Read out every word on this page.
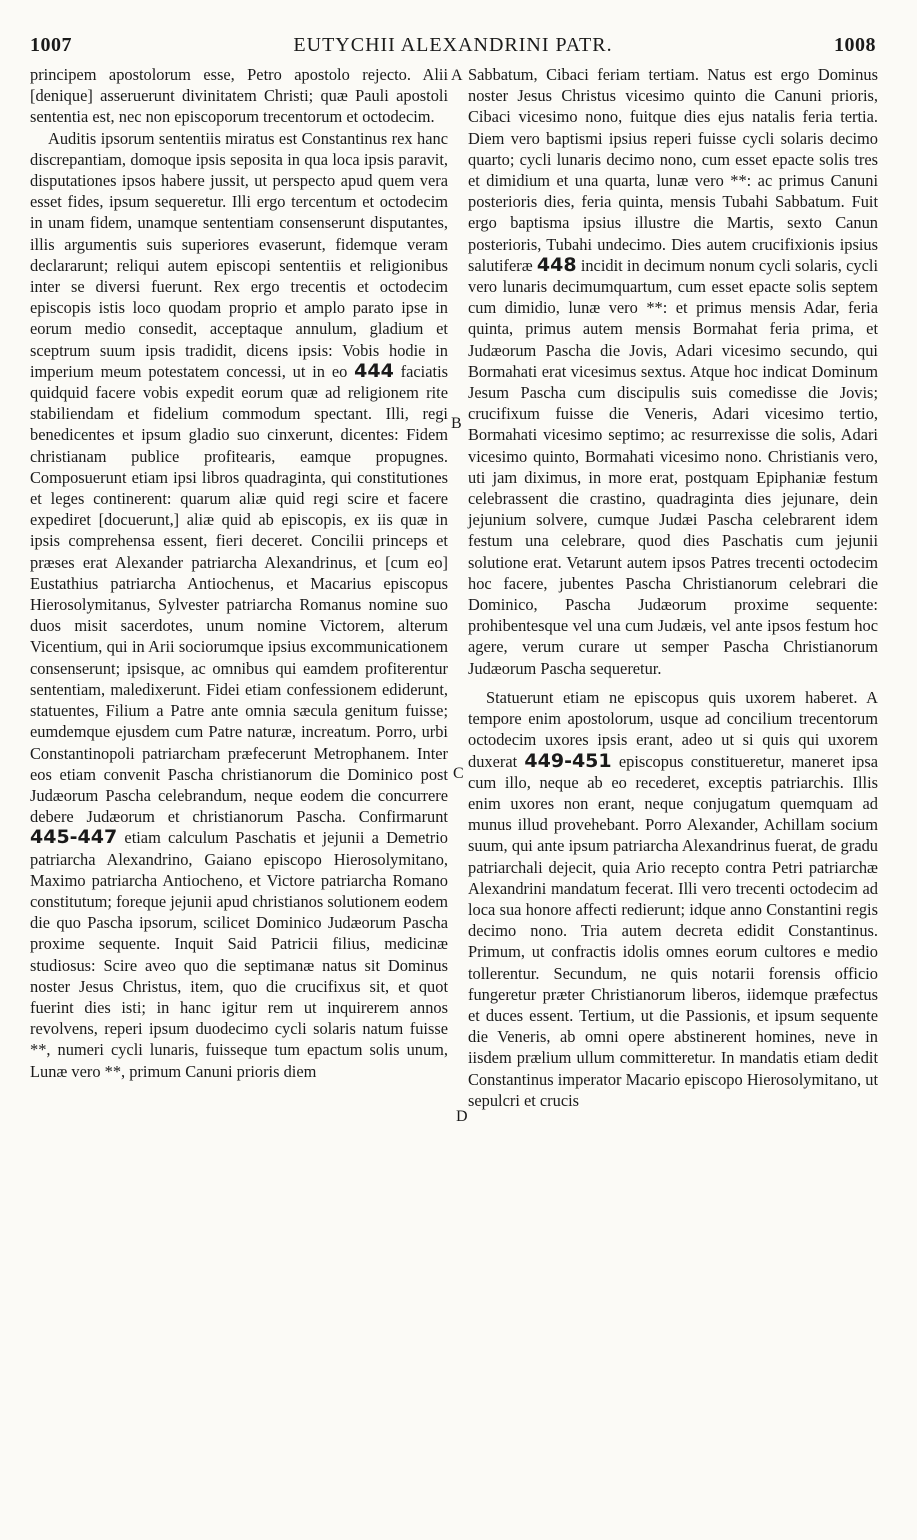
1007	EUTYCHII ALEXANDRINI PATR.	1008
A
B
C
D

principem apostolorum esse, Petro apostolo rejecto. Alii [denique] asseruerunt divinitatem Christi; quæ Pauli apostoli sententia est, nec non episcoporum trecentorum et octodecim.

Auditis ipsorum sententiis miratus est Constantinus rex hanc discrepantiam, domoque ipsis seposita in qua loca ipsis paravit, disputationes ipsos habere jussit, ut perspecto apud quem vera esset fides, ipsum sequeretur. Illi ergo tercentum et octodecim in unam fidem, unamque sententiam consenserunt disputantes, illis argumentis suis superiores evaserunt, fidemque veram declararunt; reliqui autem episcopi sententiis et religionibus inter se diversi fuerunt. Rex ergo trecentis et octodecim episcopis istis loco quodam proprio et amplo parato ipse in eorum medio consedit, acceptaque annulum, gladium et sceptrum suum ipsis tradidit, dicens ipsis: Vobis hodie in imperium meum potestatem concessi, ut in eo 444 faciatis quidquid facere vobis expedit eorum quæ ad religionem rite stabiliendam et fidelium commodum spectant. Illi, regi benedicentes et ipsum gladio suo cinxerunt, dicentes: Fidem christianam publice profitearis, eamque propugnes. Composuerunt etiam ipsi libros quadraginta, qui constitutiones et leges continerent: quarum aliæ quid regi scire et facere expediret [docuerunt,] aliæ quid ab episcopis, ex iis quæ in ipsis comprehensa essent, fieri deceret. Concilii princeps et præses erat Alexander patriarcha Alexandrinus, et [cum eo] Eustathius patriarcha Antiochenus, et Macarius episcopus Hierosolymitanus, Sylvester patriarcha Romanus nomine suo duos misit sacerdotes, unum nomine Victorem, alterum Vicentium, qui in Arii sociorumque ipsius excommunicationem consenserunt; ipsisque, ac omnibus qui eamdem profiterentur sententiam, maledixerunt. Fidei etiam confessionem ediderunt, statuentes, Filium a Patre ante omnia sæcula genitum fuisse; eumdemque ejusdem cum Patre naturæ, increatum. Porro, urbi Constantinopoli patriarcham præfecerunt Metrophanem. Inter eos etiam convenit Pascha christianorum die Dominico post Judæorum Pascha celebrandum, neque eodem die concurrere debere Judæorum et christianorum Pascha. Confirmarunt 445-447 etiam calculum Paschatis et jejunii a Demetrio patriarcha Alexandrino, Gaiano episcopo Hierosolymitano, Maximo patriarcha Antiocheno, et Victore patriarcha Romano constitutum; foreque jejunii apud christianos solutionem eodem die quo Pascha ipsorum, scilicet Dominico Judæorum Pascha proxime sequente. Inquit Said Patricii filius, medicinæ studiosus: Scire aveo quo die septimanæ natus sit Dominus noster Jesus Christus, item, quo die crucifixus sit, et quot fuerint dies isti; in hanc igitur rem ut inquirerem annos revolvens, reperi ipsum duodecimo cycli solaris natum fuisse **, numeri cycli lunaris, fuisseque tum epactum solis unum, Lunæ vero **, primum Canuni prioris diem

Sabbatum, Cibaci feriam tertiam. Natus est ergo Dominus noster Jesus Christus vicesimo quinto die Canuni prioris, Cibaci vicesimo nono, fuitque dies ejus natalis feria tertia. Diem vero baptismi ipsius reperi fuisse cycli solaris decimo quarto; cycli lunaris decimo nono, cum esset epacte solis tres et dimidium et una quarta, lunæ vero **: ac primus Canuni posterioris dies, feria quinta, mensis Tubahi Sabbatum. Fuit ergo baptisma ipsius illustre die Martis, sexto Canun posterioris, Tubahi undecimo. Dies autem crucifixionis ipsius salutiferæ 448 incidit in decimum nonum cycli solaris, cycli vero lunaris decimumquartum, cum esset epacte solis septem cum dimidio, lunæ vero **: et primus mensis Adar, feria quinta, primus autem mensis Bormahat feria prima, et Judæorum Pascha die Jovis, Adari vicesimo secundo, qui Bormahati erat vicesimus sextus. Atque hoc indicat Dominum Jesum Pascha cum discipulis suis comedisse die Jovis; crucifixum fuisse die Veneris, Adari vicesimo tertio, Bormahati vicesimo septimo; ac resurrexisse die solis, Adari vicesimo quinto, Bormahati vicesimo nono. Christianis vero, uti jam diximus, in more erat, postquam Epiphaniæ festum celebrassent die crastino, quadraginta dies jejunare, dein jejunium solvere, cumque Judæi Pascha celebrarent idem festum una celebrare, quod dies Paschatis cum jejunii solutione erat. Vetarunt autem ipsos Patres trecenti octodecim hoc facere, jubentes Pascha Christianorum celebrari die Dominico, Pascha Judæorum proxime sequente: prohibentesque vel una cum Judæis, vel ante ipsos festum hoc agere, verum curare ut semper Pascha Christianorum Judæorum Pascha sequeretur.

Statuerunt etiam ne episcopus quis uxorem haberet. A tempore enim apostolorum, usque ad concilium trecentorum octodecim uxores ipsis erant, adeo ut si quis qui uxorem duxerat 449-451 episcopus constitueretur, maneret ipsa cum illo, neque ab eo recederet, exceptis patriarchis. Illis enim uxores non erant, neque conjugatum quemquam ad munus illud provehebant. Porro Alexander, Achillam socium suum, qui ante ipsum patriarcha Alexandrinus fuerat, de gradu patriarchali dejecit, quia Ario recepto contra Petri patriarchæ Alexandrini mandatum fecerat. Illi vero trecenti octodecim ad loca sua honore affecti redierunt; idque anno Constantini regis decimo nono. Tria autem decreta edidit Constantinus. Primum, ut confractis idolis omnes eorum cultores e medio tollerentur. Secundum, ne quis notarii forensis officio fungeretur præter Christianorum liberos, iidemque præfectus et duces essent. Tertium, ut die Passionis, et ipsum sequente die Veneris, ab omni opere abstinerent homines, neve in iisdem prælium ullum committeretur. In mandatis etiam dedit Constantinus imperator Macario episcopo Hierosolymitano, ut sepulcri et crucis
